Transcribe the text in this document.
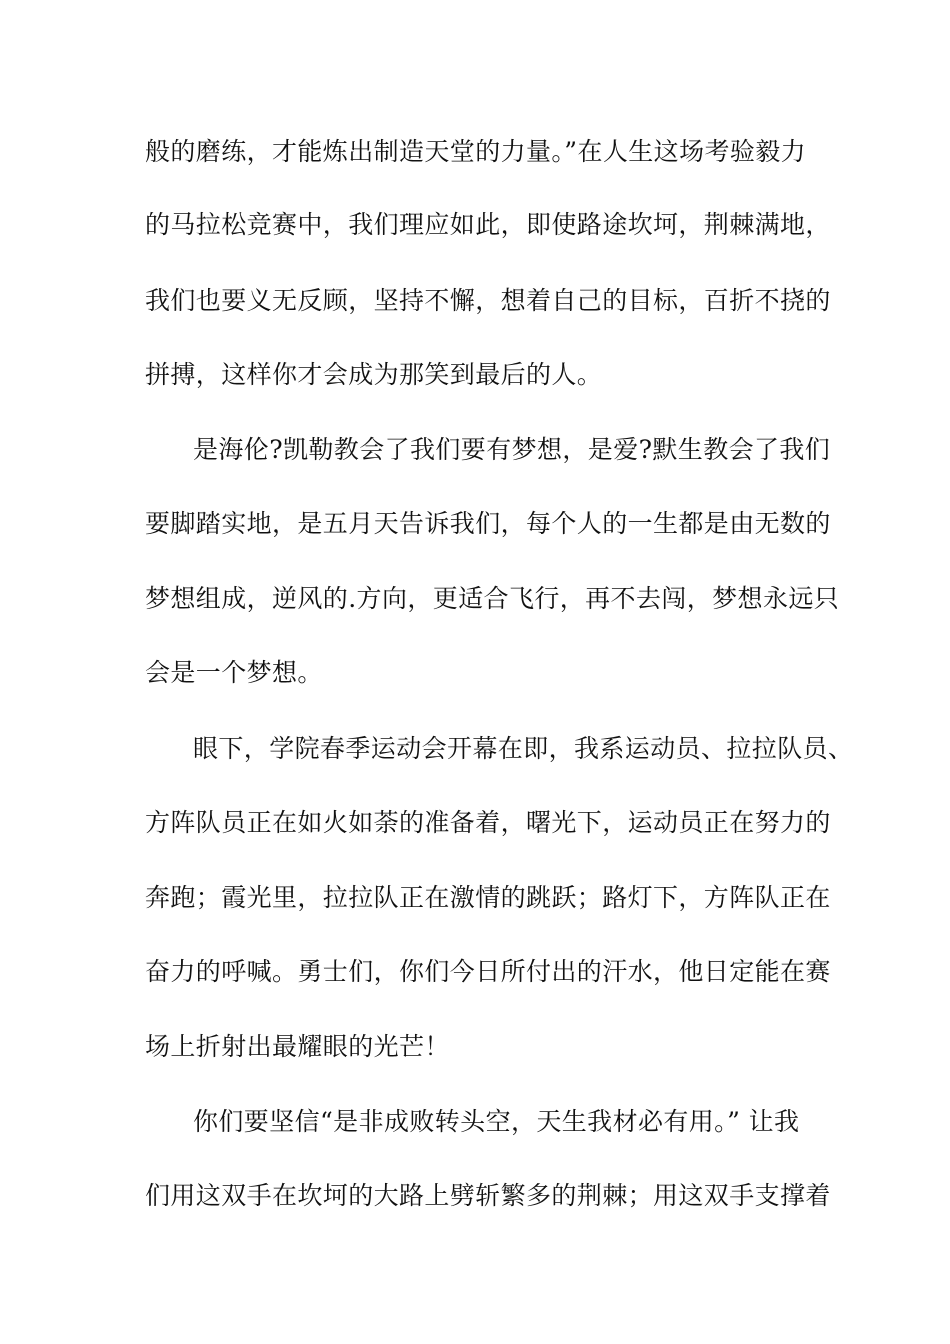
般的磨练，才能炼出制造天堂的力量。”在人生这场考验毅力
的马拉松竞赛中，我们理应如此，即使路途坎坷，荆棘满地，
我们也要义无反顾，坚持不懈，想着自己的目标，百折不挠的
拼搏，这样你才会成为那笑到最后的人。
是海伦?凯勒教会了我们要有梦想，是爱?默生教会了我们
要脚踏实地，是五月天告诉我们，每个人的一生都是由无数的
梦想组成，逆风的.方向，更适合飞行，再不去闯，梦想永远只
会是一个梦想。
眼下，学院春季运动会开幕在即，我系运动员、拉拉队员、
方阵队员正在如火如荼的准备着，曙光下，运动员正在努力的
奔跑；霞光里，拉拉队正在激情的跳跃；路灯下，方阵队正在
奋力的呼喊。勇士们，你们今日所付出的汗水，他日定能在赛
场上折射出最耀眼的光芒！
你们要坚信“是非成败转头空，天生我材必有用。” 让我
们用这双手在坎坷的大路上劈斩繁多的荆棘；用这双手支撑着
